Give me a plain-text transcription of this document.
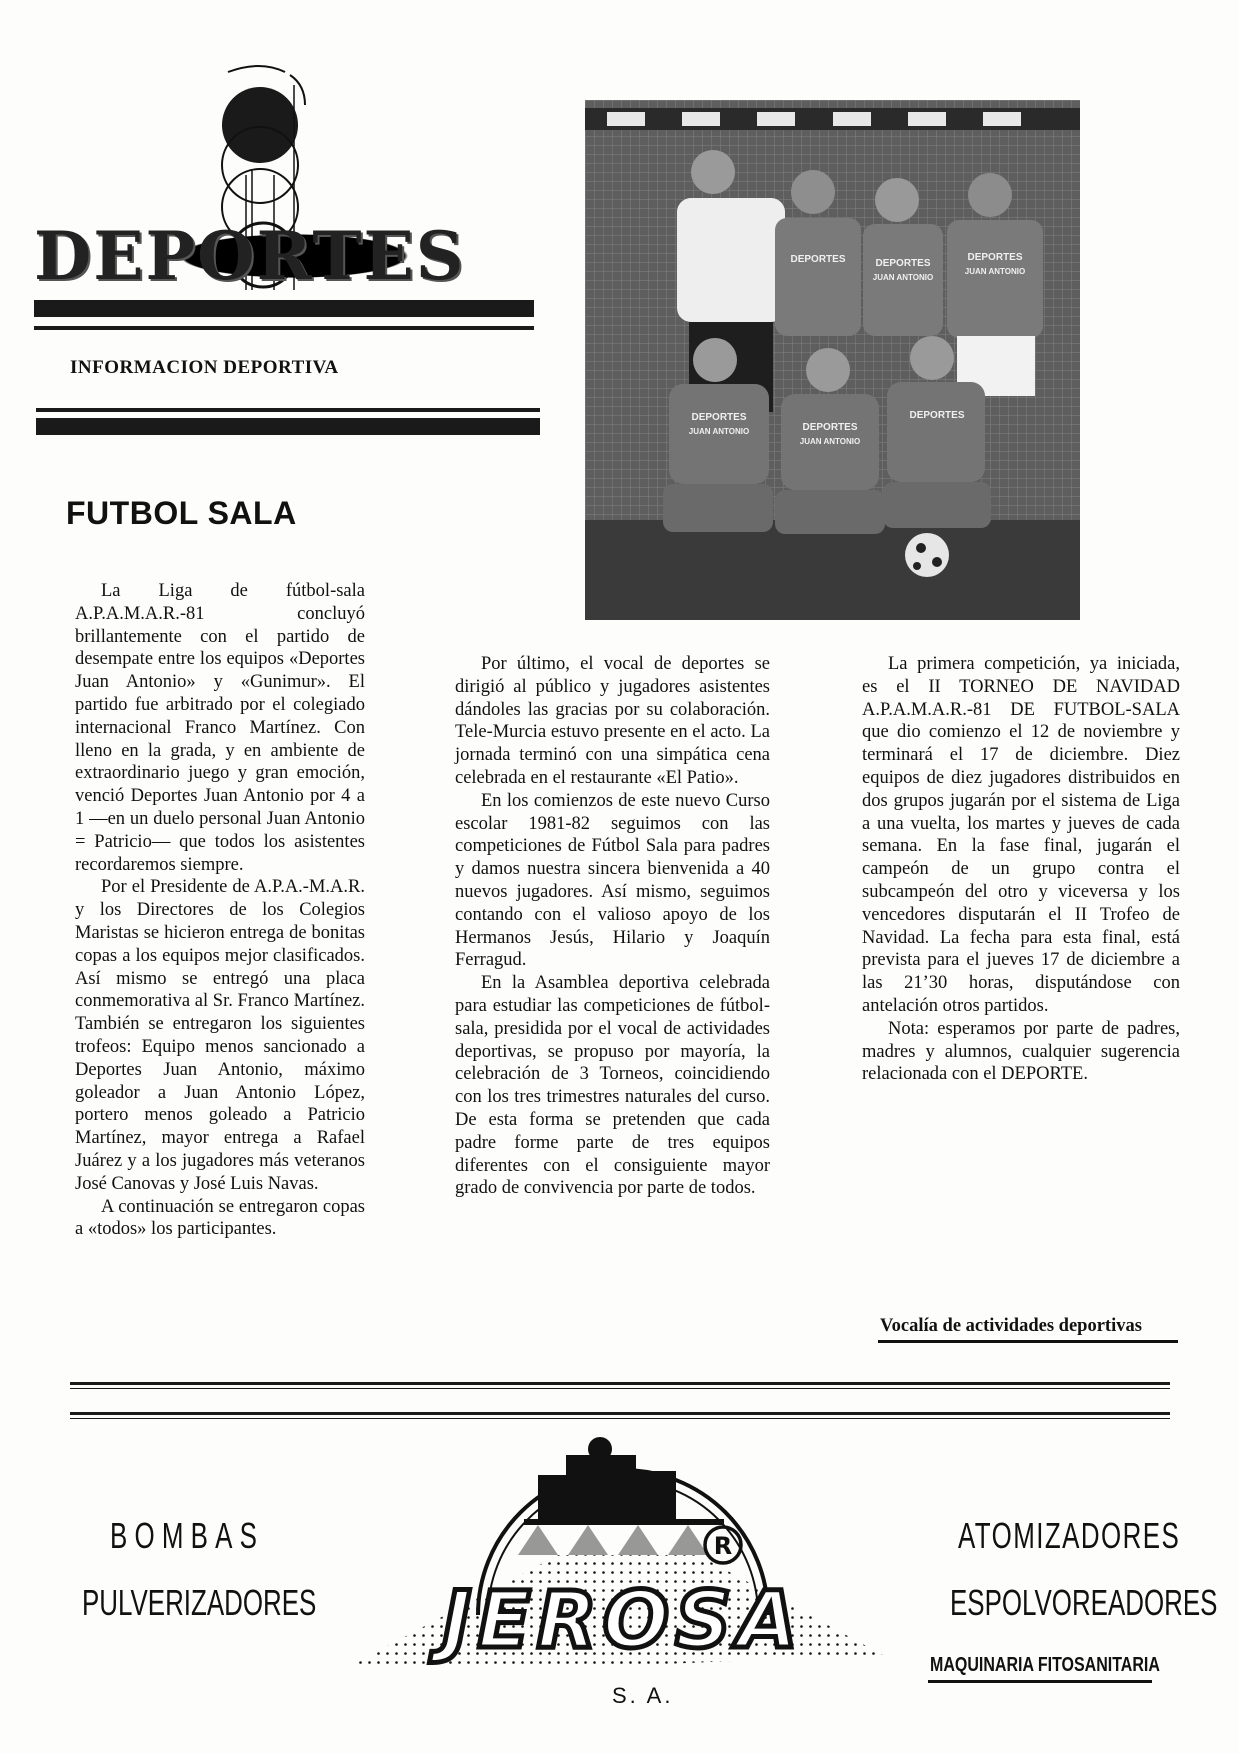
DEPORTES
INFORMACION DEPORTIVA
FUTBOL SALA
DEPORTES	DEPORTES
JUAN ANTONIO
DEPORTES
JUAN ANTONIO
DEPORTES
JUAN ANTONIO	DEPORTES
JUAN ANTONIO
DEPORTES

La Liga de fútbol-sala A.P.A.M.A.R.-81 concluyó brillantemente con el partido de desempate entre los equipos «Deportes Juan Antonio» y «Gunimur». El partido fue arbitrado por el colegiado internacional Franco Martínez. Con lleno en la grada, y en ambiente de extraordinario juego y gran emoción, venció Deportes Juan Antonio por 4 a 1 —en un duelo personal Juan Antonio = Patricio— que todos los asistentes recordaremos siempre.

Por el Presidente de A.P.A.-M.A.R. y los Directores de los Colegios Maristas se hicieron entrega de bonitas copas a los equipos mejor clasificados. Así mismo se entregó una placa conmemorativa al Sr. Franco Martínez. También se entregaron los siguientes trofeos: Equipo menos sancionado a Deportes Juan Antonio, máximo goleador a Juan Antonio López, portero menos goleado a Patricio Martínez, mayor entrega a Rafael Juárez y a los jugadores más veteranos José Canovas y José Luis Navas.

A continuación se entregaron copas a «todos» los participantes.

Por último, el vocal de deportes se dirigió al público y jugadores asistentes dándoles las gracias por su colaboración. Tele-Murcia estuvo presente en el acto. La jornada terminó con una simpática cena celebrada en el restaurante «El Patio».

En los comienzos de este nuevo Curso escolar 1981-82 seguimos con las competiciones de Fútbol Sala para padres y damos nuestra sincera bienvenida a 40 nuevos jugadores. Así mismo, seguimos contando con el valioso apoyo de los Hermanos Jesús, Hilario y Joaquín Ferragud.

En la Asamblea deportiva celebrada para estudiar las competiciones de fútbol-sala, presidida por el vocal de actividades deportivas, se propuso por mayoría, la celebración de 3 Torneos, coincidiendo con los tres trimestres naturales del curso. De esta forma se pretenden que cada padre forme parte de tres equipos diferentes con el consiguiente mayor grado de convivencia por parte de todos.

La primera competición, ya iniciada, es el II TORNEO DE NAVIDAD A.P.A.M.A.R.-81 DE FUTBOL-SALA que dio comienzo el 12 de noviembre y terminará el 17 de diciembre. Diez equipos de diez jugadores distribuidos en dos grupos jugarán por el sistema de Liga a una vuelta, los martes y jueves de cada semana. En la fase final, jugarán el campeón de un grupo contra el subcampeón del otro y viceversa y los vencedores disputarán el II Trofeo de Navidad. La fecha para esta final, está prevista para el jueves 17 de diciembre a las 21’30 horas, disputándose con antelación otros partidos.

Nota: esperamos por parte de padres, madres y alumnos, cualquier sugerencia relacionada con el DEPORTE.

Vocalía de actividades deportivas
BOMBAS
PULVERIZADORES
ATOMIZADORES
ESPOLVOREADORES
MAQUINARIA FITOSANITARIA
JEROSA
R
S. A.
